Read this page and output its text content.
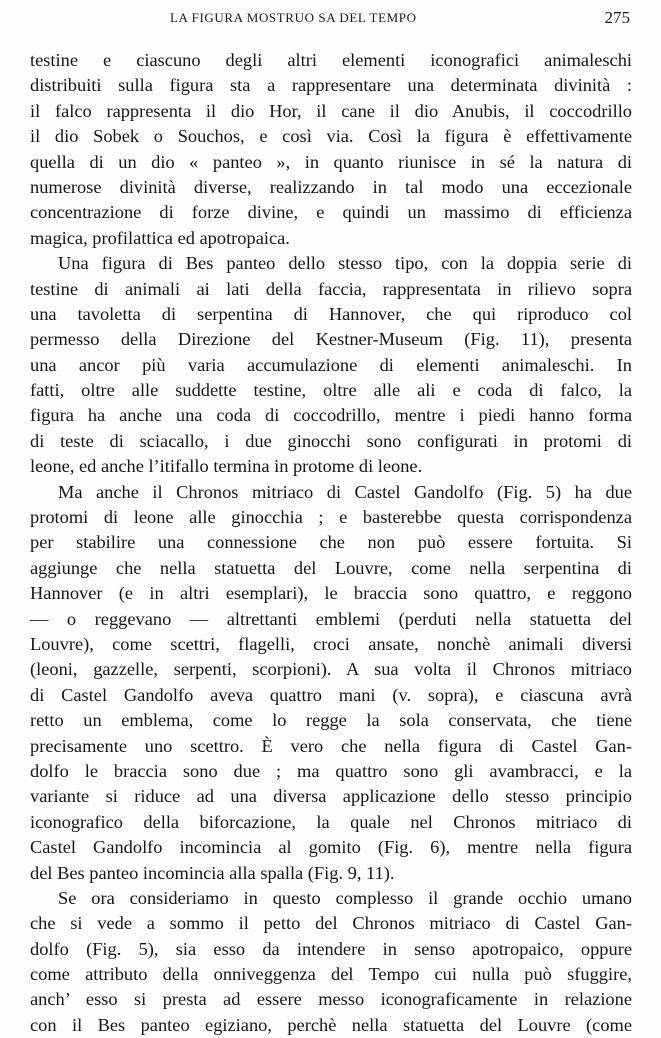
LA FIGURA MOSTRUO SA DEL TEMPO	275
testine e ciascuno degli altri elementi iconografici animaleschi
distribuiti sulla figura sta a rappresentare una determinata divinità :
il falco rappresenta il dio Hor, il cane il dio Anubis, il coccodrillo
il dio Sobek o Souchos, e così via. Così la figura è effettivamente
quella di un dio « panteo », in quanto riunisce in sé la natura di
numerose divinità diverse, realizzando in tal modo una eccezionale
concentrazione di forze divine, e quindi un massimo di efficienza
magica, profilattica ed apotropaica.
Una figura di Bes panteo dello stesso tipo, con la doppia serie di
testine di animali ai lati della faccia, rappresentata in rilievo sopra
una tavoletta di serpentina di Hannover, che qui riproduco col
permesso della Direzione del Kestner-Museum (Fig. 11), presenta
una ancor più varia accumulazione di elementi animaleschi. In
fatti, oltre alle suddette testine, oltre alle ali e coda di falco, la
figura ha anche una coda di coccodrillo, mentre i piedi hanno forma
di teste di sciacallo, i due ginocchi sono configurati in protomi di
leone, ed anche l’itifallo termina in protome di leone.
Ma anche il Chronos mitriaco di Castel Gandolfo (Fig. 5) ha due
protomi di leone alle ginocchia ; e basterebbe questa corrispondenza
per stabilire una connessione che non può essere fortuita. Si
aggiunge che nella statuetta del Louvre, come nella serpentina di
Hannover (e in altri esemplari), le braccia sono quattro, e reggono
— o reggevano — altrettanti emblemi (perduti nella statuetta del
Louvre), come scettri, flagelli, croci ansate, nonchè animali diversi
(leoni, gazzelle, serpenti, scorpioni). A sua volta il Chronos mitriaco
di Castel Gandolfo aveva quattro mani (v. sopra), e ciascuna avrà
retto un emblema, come lo regge la sola conservata, che tiene
precisamente uno scettro. È vero che nella figura di Castel Gan-
dolfo le braccia sono due ; ma quattro sono gli avambracci, e la
variante si riduce ad una diversa applicazione dello stesso principio
iconografico della biforcazione, la quale nel Chronos mitriaco di
Castel Gandolfo incomincia al gomito (Fig. 6), mentre nella figura
del Bes panteo incomincia alla spalla (Fig. 9, 11).
Se ora consideriamo in questo complesso il grande occhio umano
che si vede a sommo il petto del Chronos mitriaco di Castel Gan-
dolfo (Fig. 5), sia esso da intendere in senso apotropaico, oppure
come attributo della onniveggenza del Tempo cui nulla può sfuggire,
anch’ esso si presta ad essere messo iconograficamente in relazione
con il Bes panteo egiziano, perchè nella statuetta del Louvre (come
